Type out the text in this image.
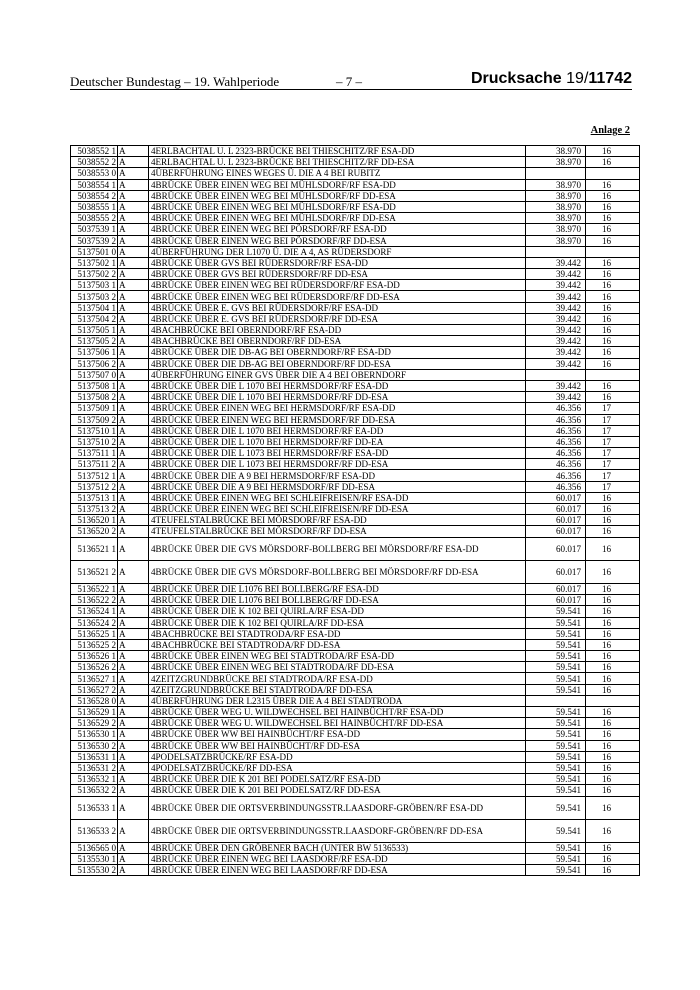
Deutscher Bundestag – 19. Wahlperiode	– 7 –	Drucksache 19/11742
Anlage 2
5038552 1	A	4	ERLBACHTAL U. L 2323-BRÜCKE BEI THIESCHITZ/RF ESA-DD	38.970	16
5038552 2	A	4	ERLBACHTAL U. L 2323-BRÜCKE BEI THIESCHITZ/RF DD-ESA	38.970	16
5038553 0	A	4	ÜBERFÜHRUNG EINES WEGES Ü. DIE A 4 BEI RUBITZ		
5038554 1	A	4	BRÜCKE ÜBER EINEN WEG BEI MÜHLSDORF/RF ESA-DD	38.970	16
5038554 2	A	4	BRÜCKE ÜBER EINEN WEG BEI MÜHLSDORF/RF DD-ESA	38.970	16
5038555 1	A	4	BRÜCKE ÜBER EINEN WEG BEI MÜHLSDORF/RF ESA-DD	38.970	16
5038555 2	A	4	BRÜCKE ÜBER EINEN WEG BEI MÜHLSDORF/RF DD-ESA	38.970	16
5037539 1	A	4	BRÜCKE ÜBER EINEN WEG BEI PÖRSDORF/RF ESA-DD	38.970	16
5037539 2	A	4	BRÜCKE ÜBER EINEN WEG BEI PÖRSDORF/RF DD-ESA	38.970	16
5137501 0	A	4	ÜBERFÜHRUNG DER L1070 Ü. DIE A 4, AS RÜDERSDORF		
5137502 1	A	4	BRÜCKE ÜBER GVS BEI RÜDERSDORF/RF ESA-DD	39.442	16
5137502 2	A	4	BRÜCKE ÜBER GVS BEI RÜDERSDORF/RF DD-ESA	39.442	16
5137503 1	A	4	BRÜCKE ÜBER EINEN WEG BEI RÜDERSDORF/RF ESA-DD	39.442	16
5137503 2	A	4	BRÜCKE ÜBER EINEN WEG BEI RÜDERSDORF/RF DD-ESA	39.442	16
5137504 1	A	4	BRÜCKE ÜBER E. GVS BEI RÜDERSDORF/RF ESA-DD	39.442	16
5137504 2	A	4	BRÜCKE ÜBER E. GVS BEI RÜDERSDORF/RF DD-ESA	39.442	16
5137505 1	A	4	BACHBRÜCKE BEI OBERNDORF/RF ESA-DD	39.442	16
5137505 2	A	4	BACHBRÜCKE BEI OBERNDORF/RF DD-ESA	39.442	16
5137506 1	A	4	BRÜCKE ÜBER DIE DB-AG BEI OBERNDORF/RF ESA-DD	39.442	16
5137506 2	A	4	BRÜCKE ÜBER DIE DB-AG BEI OBERNDORF/RF DD-ESA	39.442	16
5137507 0	A	4	ÜBERFÜHRUNG EINER GVS ÜBER DIE A 4 BEI OBERNDORF		
5137508 1	A	4	BRÜCKE ÜBER DIE L 1070 BEI HERMSDORF/RF ESA-DD	39.442	16
5137508 2	A	4	BRÜCKE ÜBER DIE L 1070 BEI HERMSDORF/RF DD-ESA	39.442	16
5137509 1	A	4	BRÜCKE ÜBER EINEN WEG BEI HERMSDORF/RF ESA-DD	46.356	17
5137509 2	A	4	BRÜCKE ÜBER EINEN WEG BEI HERMSDORF/RF DD-ESA	46.356	17
5137510 1	A	4	BRÜCKE ÜBER DIE L 1070 BEI HERMSDORF/RF EA-DD	46.356	17
5137510 2	A	4	BRÜCKE ÜBER DIE L 1070 BEI HERMSDORF/RF DD-EA	46.356	17
5137511 1	A	4	BRÜCKE ÜBER DIE L 1073 BEI HERMSDORF/RF ESA-DD	46.356	17
5137511 2	A	4	BRÜCKE ÜBER DIE L 1073 BEI HERMSDORF/RF DD-ESA	46.356	17
5137512 1	A	4	BRÜCKE ÜBER DIE A 9 BEI HERMSDORF/RF ESA-DD	46.356	17
5137512 2	A	4	BRÜCKE ÜBER DIE A 9 BEI HERMSDORF/RF DD-ESA	46.356	17
5137513 1	A	4	BRÜCKE ÜBER EINEN WEG BEI SCHLEIFREISEN/RF ESA-DD	60.017	16
5137513 2	A	4	BRÜCKE ÜBER EINEN WEG BEI SCHLEIFREISEN/RF DD-ESA	60.017	16
5136520 1	A	4	TEUFELSTALBRÜCKE BEI MÖRSDORF/RF ESA-DD	60.017	16
5136520 2	A	4	TEUFELSTALBRÜCKE BEI MÖRSDORF/RF DD-ESA	60.017	16
5136521 1	A	4	BRÜCKE ÜBER DIE GVS MÖRSDORF-BOLLBERG BEI MÖRSDORF/RF ESA-DD	60.017	16
5136521 2	A	4	BRÜCKE ÜBER DIE GVS MÖRSDORF-BOLLBERG BEI MÖRSDORF/RF DD-ESA	60.017	16
5136522 1	A	4	BRÜCKE ÜBER DIE L1076 BEI BOLLBERG/RF ESA-DD	60.017	16
5136522 2	A	4	BRÜCKE ÜBER DIE L1076 BEI BOLLBERG/RF DD-ESA	60.017	16
5136524 1	A	4	BRÜCKE ÜBER DIE K 102 BEI QUIRLA/RF ESA-DD	59.541	16
5136524 2	A	4	BRÜCKE ÜBER DIE K 102 BEI QUIRLA/RF DD-ESA	59.541	16
5136525 1	A	4	BACHBRÜCKE BEI STADTRODA/RF ESA-DD	59.541	16
5136525 2	A	4	BACHBRÜCKE BEI STADTRODA/RF DD-ESA	59.541	16
5136526 1	A	4	BRÜCKE ÜBER EINEN WEG BEI STADTRODA/RF ESA-DD	59.541	16
5136526 2	A	4	BRÜCKE ÜBER EINEN WEG BEI STADTRODA/RF DD-ESA	59.541	16
5136527 1	A	4	ZEITZGRUNDBRÜCKE BEI STADTRODA/RF ESA-DD	59.541	16
5136527 2	A	4	ZEITZGRUNDBRÜCKE BEI STADTRODA/RF DD-ESA	59.541	16
5136528 0	A	4	ÜBERFÜHRUNG DER L2315 ÜBER DIE A 4 BEI STADTRODA		
5136529 1	A	4	BRÜCKE ÜBER WEG U. WILDWECHSEL BEI HAINBÜCHT/RF ESA-DD	59.541	16
5136529 2	A	4	BRÜCKE ÜBER WEG U. WILDWECHSEL BEI HAINBÜCHT/RF DD-ESA	59.541	16
5136530 1	A	4	BRÜCKE ÜBER WW BEI HAINBÜCHT/RF ESA-DD	59.541	16
5136530 2	A	4	BRÜCKE ÜBER WW BEI HAINBÜCHT/RF DD-ESA	59.541	16
5136531 1	A	4	PODELSATZBRÜCKE/RF ESA-DD	59.541	16
5136531 2	A	4	PODELSATZBRÜCKE/RF DD-ESA	59.541	16
5136532 1	A	4	BRÜCKE ÜBER DIE K 201 BEI PODELSATZ/RF ESA-DD	59.541	16
5136532 2	A	4	BRÜCKE ÜBER DIE K 201 BEI PODELSATZ/RF DD-ESA	59.541	16
5136533 1	A	4	BRÜCKE ÜBER DIE ORTSVERBINDUNGSSTR.LAASDORF-GRÖBEN/RF ESA-DD	59.541	16
5136533 2	A	4	BRÜCKE ÜBER DIE ORTSVERBINDUNGSSTR.LAASDORF-GRÖBEN/RF DD-ESA	59.541	16
5136565 0	A	4	BRÜCKE ÜBER DEN GRÖBENER BACH (UNTER BW 5136533)	59.541	16
5135530 1	A	4	BRÜCKE ÜBER EINEN WEG BEI LAASDORF/RF ESA-DD	59.541	16
5135530 2	A	4	BRÜCKE ÜBER EINEN WEG BEI LAASDORF/RF DD-ESA	59.541	16
